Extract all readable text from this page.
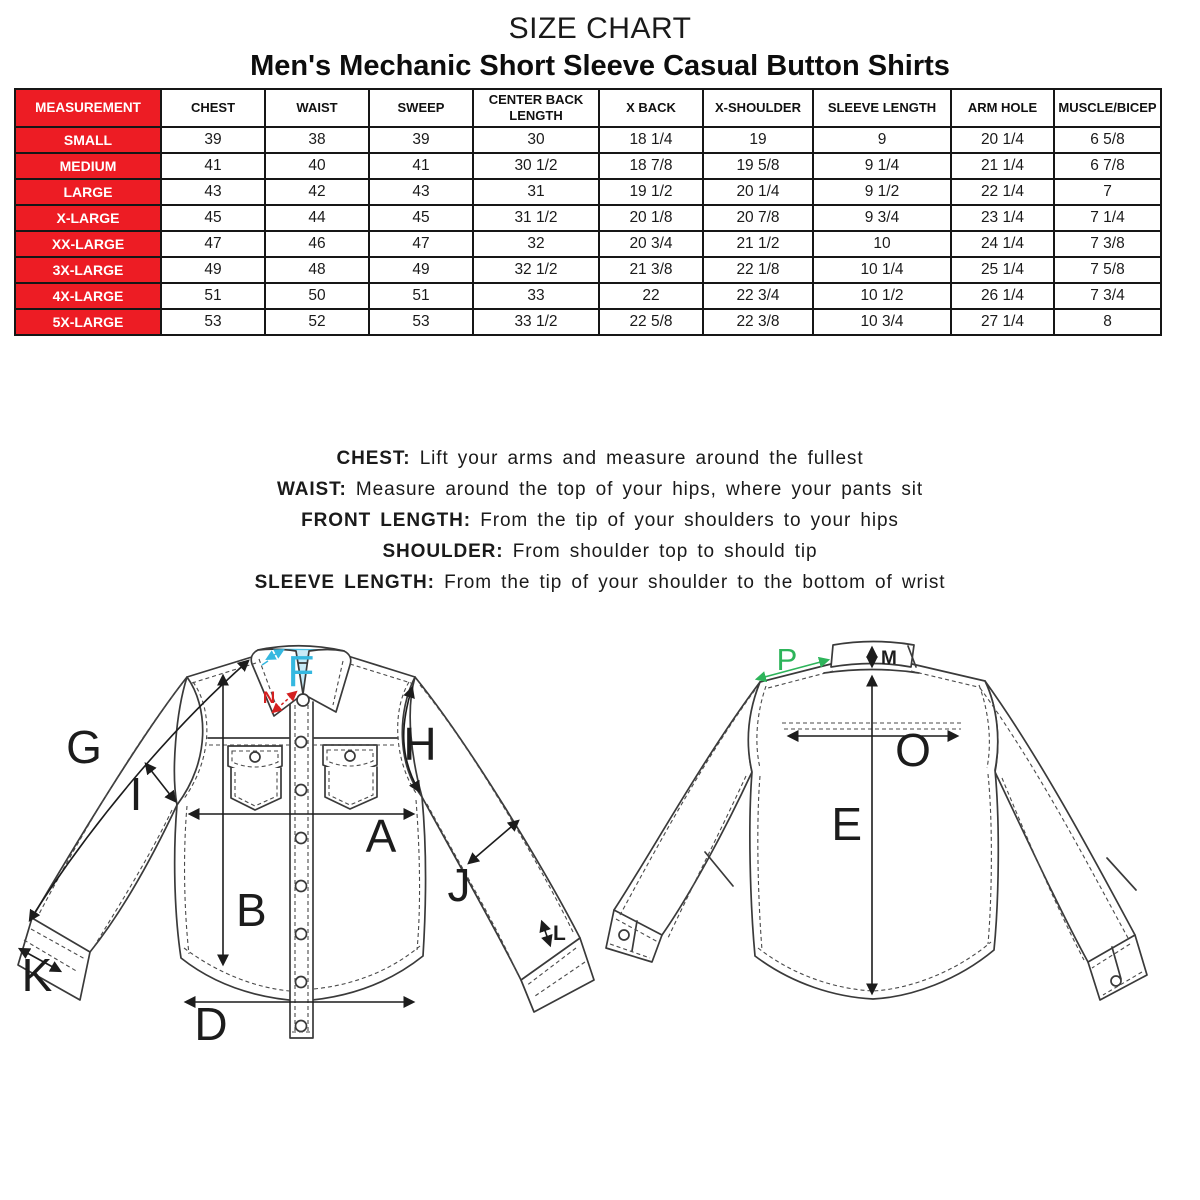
SIZE CHART
Men's Mechanic Short Sleeve Casual Button Shirts
MEASUREMENT	CHEST	WAIST	SWEEP	CENTER BACK LENGTH	X BACK	X-SHOULDER	SLEEVE LENGTH	ARM HOLE	MUSCLE/BICEP
SMALL	39	38	39	30	18 1/4	19	9	20 1/4	6 5/8
MEDIUM	41	40	41	30 1/2	18 7/8	19 5/8	9 1/4	21 1/4	6 7/8
LARGE	43	42	43	31	19 1/2	20 1/4	9 1/2	22 1/4	7
X-LARGE	45	44	45	31 1/2	20 1/8	20 7/8	9 3/4	23 1/4	7 1/4
XX-LARGE	47	46	47	32	20 3/4	21 1/2	10	24 1/4	7 3/8
3X-LARGE	49	48	49	32 1/2	21 3/8	22 1/8	10 1/4	25 1/4	7 5/8
4X-LARGE	51	50	51	33	22	22 3/4	10 1/2	26 1/4	7 3/4
5X-LARGE	53	52	53	33 1/2	22 5/8	22 3/8	10 3/4	27 1/4	8

CHEST: Lift your arms and measure around the fullest

WAIST: Measure around the top of your hips, where your pants sit

FRONT LENGTH: From the tip of your shoulders to your hips

SHOULDER: From shoulder top to should tip

SLEEVE LENGTH: From the tip of your shoulder to the bottom of wrist

G
I
H
A
B	J
K
D
F
N
L
M
P
E
O
